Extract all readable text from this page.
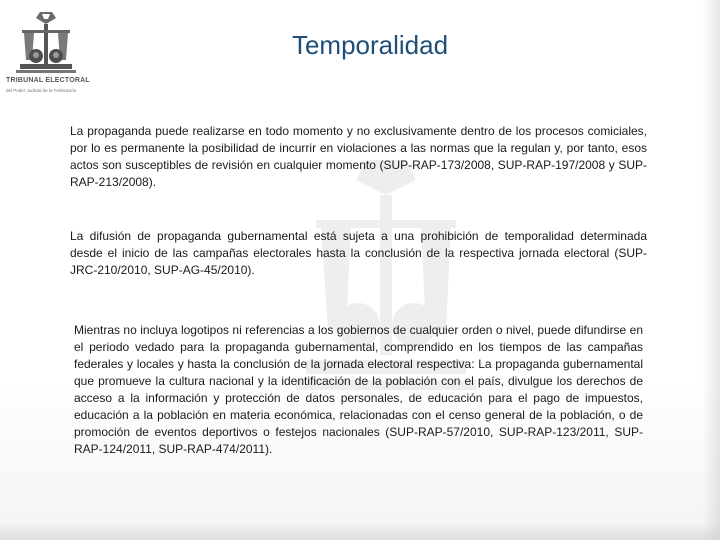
TRIBUNAL ELECTORAL
del Poder Judicial de la Federación
Temporalidad

La propaganda puede realizarse en todo momento y no exclusivamente dentro de los procesos comiciales, por lo es permanente la posibilidad de incurrir en violaciones a las normas que la regulan y, por tanto, esos actos son susceptibles de revisión en cualquier momento (SUP-RAP-173/2008, SUP-RAP-197/2008 y SUP-RAP-213/2008).

La difusión de propaganda gubernamental está sujeta a una prohibición de temporalidad determinada desde el inicio de las campañas electorales hasta la conclusión de la respectiva jornada electoral (SUP-JRC-210/2010, SUP-AG-45/2010).

Mientras no incluya logotipos ni referencias a los gobiernos de cualquier orden o nivel, puede difundirse en el periodo vedado para la propaganda gubernamental, comprendido en los tiempos de las campañas federales y locales y hasta la conclusión de la jornada electoral respectiva: La propaganda gubernamental que promueve la cultura nacional y la identificación de la población con el país, divulgue los derechos de acceso a la información y protección de datos personales, de educación para el pago de impuestos, educación a la población en materia económica, relacionadas con el censo general de la población, o de promoción de eventos deportivos o festejos nacionales (SUP-RAP-57/2010, SUP-RAP-123/2011, SUP-RAP-124/2011, SUP-RAP-474/2011).
